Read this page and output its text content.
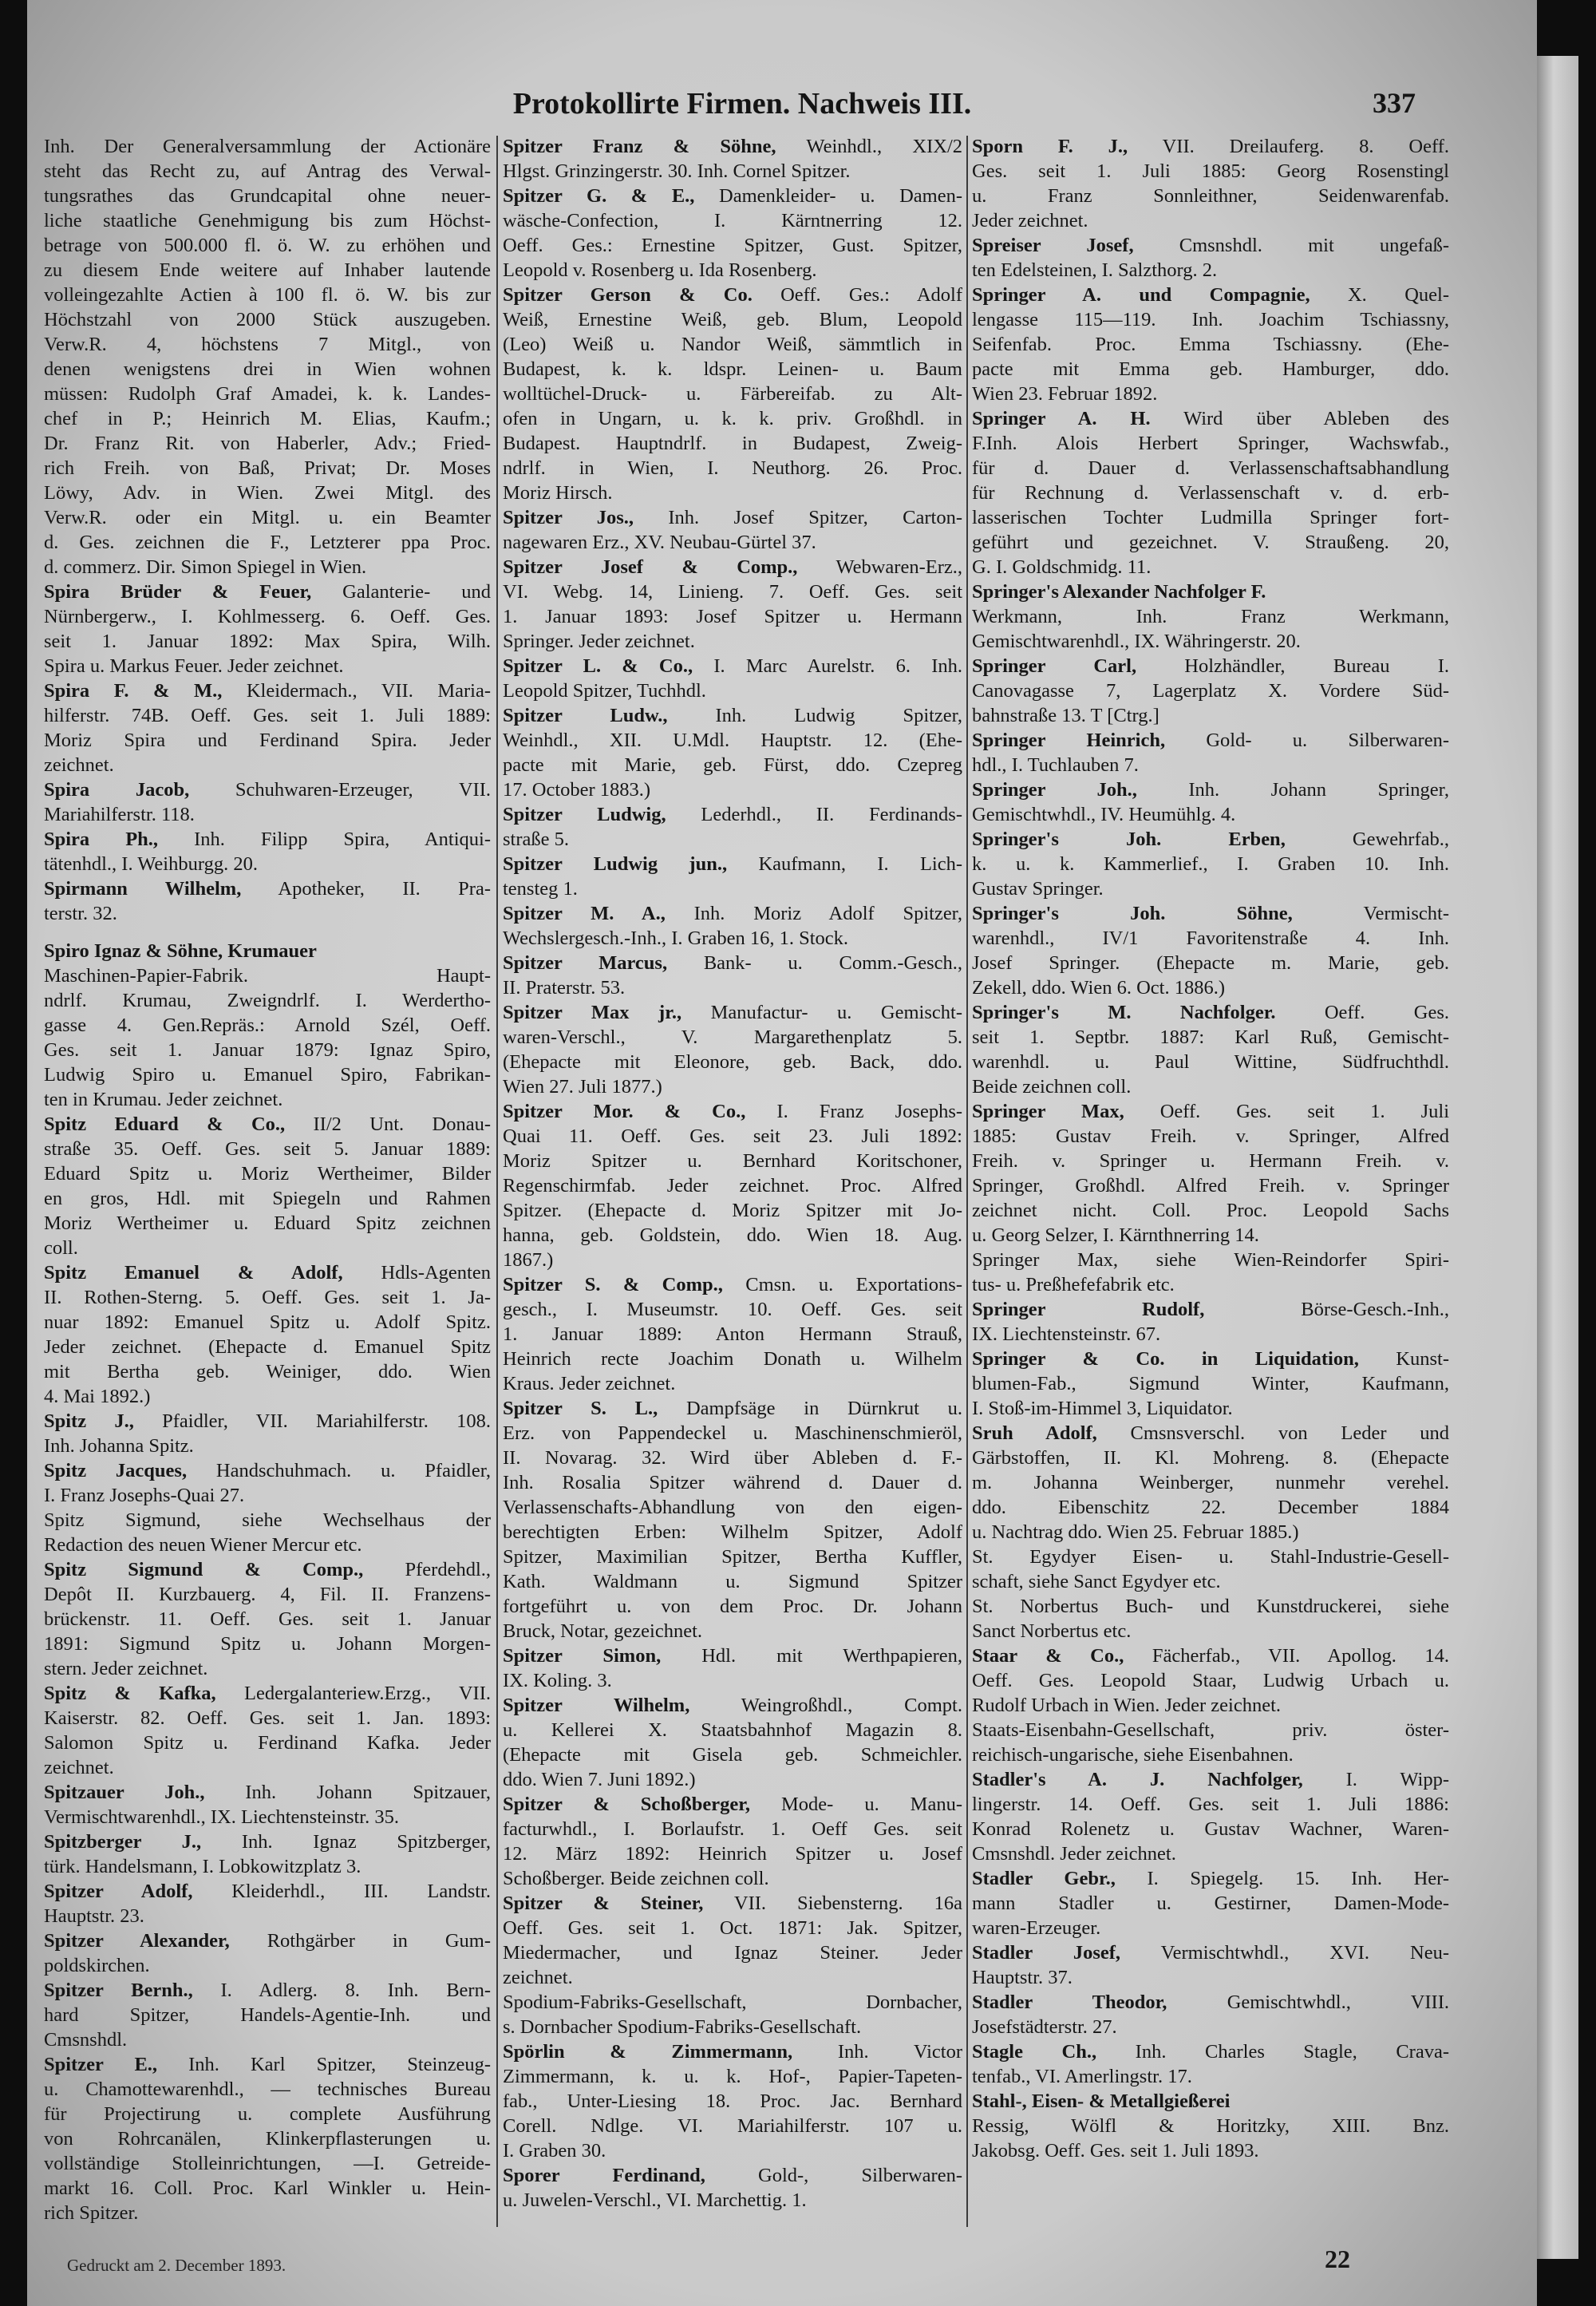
Protokollirte Firmen. Nachweis III.	337
Inh. Der Generalversammlung der Actionäre
steht das Recht zu, auf Antrag des Verwal-
tungsrathes das Grundcapital ohne neuer-
liche staatliche Genehmigung bis zum Höchst-
betrage von 500.000 fl. ö. W. zu erhöhen und
zu diesem Ende weitere auf Inhaber lautende
volleingezahlte Actien à 100 fl. ö. W. bis zur
Höchstzahl von 2000 Stück auszugeben.
Verw.R. 4, höchstens 7 Mitgl., von
denen wenigstens drei in Wien wohnen
müssen: Rudolph Graf Amadei, k. k. Landes-
chef in P.; Heinrich M. Elias, Kaufm.;
Dr. Franz Rit. von Haberler, Adv.; Fried-
rich Freih. von Baß, Privat; Dr. Moses
Löwy, Adv. in Wien. Zwei Mitgl. des
Verw.R. oder ein Mitgl. u. ein Beamter
d. Ges. zeichnen die F., Letzterer ppa Proc.
d. commerz. Dir. Simon Spiegel in Wien.
Spira Brüder & Feuer, Galanterie- und
Nürnbergerw., I. Kohlmesserg. 6. Oeff. Ges.
seit 1. Januar 1892: Max Spira, Wilh.
Spira u. Markus Feuer. Jeder zeichnet.
Spira F. & M., Kleidermach., VII. Maria-
hilferstr. 74B. Oeff. Ges. seit 1. Juli 1889:
Moriz Spira und Ferdinand Spira. Jeder
zeichnet.
Spira Jacob, Schuhwaren-Erzeuger, VII.
Mariahilferstr. 118.
Spira Ph., Inh. Filipp Spira, Antiqui-
tätenhdl., I. Weihburgg. 20.
Spirmann Wilhelm, Apotheker, II. Pra-
terstr. 32.
Spiro Ignaz & Söhne, Krumauer
Maschinen-Papier-Fabrik. Haupt-
ndrlf. Krumau, Zweigndrlf. I. Werdertho-
gasse 4. Gen.Repräs.: Arnold Szél, Oeff.
Ges. seit 1. Januar 1879: Ignaz Spiro,
Ludwig Spiro u. Emanuel Spiro, Fabrikan-
ten in Krumau. Jeder zeichnet.
Spitz Eduard & Co., II/2 Unt. Donau-
straße 35. Oeff. Ges. seit 5. Januar 1889:
Eduard Spitz u. Moriz Wertheimer, Bilder
en gros, Hdl. mit Spiegeln und Rahmen
Moriz Wertheimer u. Eduard Spitz zeichnen
coll.
Spitz Emanuel & Adolf, Hdls-Agenten
II. Rothen-Sterng. 5. Oeff. Ges. seit 1. Ja-
nuar 1892: Emanuel Spitz u. Adolf Spitz.
Jeder zeichnet. (Ehepacte d. Emanuel Spitz
mit Bertha geb. Weiniger, ddo. Wien
4. Mai 1892.)
Spitz J., Pfaidler, VII. Mariahilferstr. 108.
Inh. Johanna Spitz.
Spitz Jacques, Handschuhmach. u. Pfaidler,
I. Franz Josephs-Quai 27.
Spitz Sigmund, siehe Wechselhaus der
Redaction des neuen Wiener Mercur etc.
Spitz Sigmund & Comp., Pferdehdl.,
Depôt II. Kurzbauerg. 4, Fil. II. Franzens-
brückenstr. 11. Oeff. Ges. seit 1. Januar
1891: Sigmund Spitz u. Johann Morgen-
stern. Jeder zeichnet.
Spitz & Kafka, Ledergalanteriew.Erzg., VII.
Kaiserstr. 82. Oeff. Ges. seit 1. Jan. 1893:
Salomon Spitz u. Ferdinand Kafka. Jeder
zeichnet.
Spitzauer Joh., Inh. Johann Spitzauer,
Vermischtwarenhdl., IX. Liechtensteinstr. 35.
Spitzberger J., Inh. Ignaz Spitzberger,
türk. Handelsmann, I. Lobkowitzplatz 3.
Spitzer Adolf, Kleiderhdl., III. Landstr.
Hauptstr. 23.
Spitzer Alexander, Rothgärber in Gum-
poldskirchen.
Spitzer Bernh., I. Adlerg. 8. Inh. Bern-
hard Spitzer, Handels-Agentie-Inh. und
Cmsnshdl.
Spitzer E., Inh. Karl Spitzer, Steinzeug-
u. Chamottewarenhdl., — technisches Bureau
für Projectirung u. complete Ausführung
von Rohrcanälen, Klinkerpflasterungen u.
vollständige Stolleinrichtungen, —I. Getreide-
markt 16. Coll. Proc. Karl Winkler u. Hein-
rich Spitzer.
Spitzer Franz & Söhne, Weinhdl., XIX/2
Hlgst. Grinzingerstr. 30. Inh. Cornel Spitzer.
Spitzer G. & E., Damenkleider- u. Damen-
wäsche-Confection, I. Kärntnerring 12.
Oeff. Ges.: Ernestine Spitzer, Gust. Spitzer,
Leopold v. Rosenberg u. Ida Rosenberg.
Spitzer Gerson & Co. Oeff. Ges.: Adolf
Weiß, Ernestine Weiß, geb. Blum, Leopold
(Leo) Weiß u. Nandor Weiß, sämmtlich in
Budapest, k. k. ldspr. Leinen- u. Baum
wolltüchel-Druck- u. Färbereifab. zu Alt-
ofen in Ungarn, u. k. k. priv. Großhdl. in
Budapest. Hauptndrlf. in Budapest, Zweig-
ndrlf. in Wien, I. Neuthorg. 26. Proc.
Moriz Hirsch.
Spitzer Jos., Inh. Josef Spitzer, Carton-
nagewaren Erz., XV. Neubau-Gürtel 37.
Spitzer Josef & Comp., Webwaren-Erz.,
VI. Webg. 14, Linieng. 7. Oeff. Ges. seit
1. Januar 1893: Josef Spitzer u. Hermann
Springer. Jeder zeichnet.
Spitzer L. & Co., I. Marc Aurelstr. 6. Inh.
Leopold Spitzer, Tuchhdl.
Spitzer Ludw., Inh. Ludwig Spitzer,
Weinhdl., XII. U.Mdl. Hauptstr. 12. (Ehe-
pacte mit Marie, geb. Fürst, ddo. Czepreg
17. October 1883.)
Spitzer Ludwig, Lederhdl., II. Ferdinands-
straße 5.
Spitzer Ludwig jun., Kaufmann, I. Lich-
tensteg 1.
Spitzer M. A., Inh. Moriz Adolf Spitzer,
Wechslergesch.-Inh., I. Graben 16, 1. Stock.
Spitzer Marcus, Bank- u. Comm.-Gesch.,
II. Praterstr. 53.
Spitzer Max jr., Manufactur- u. Gemischt-
waren-Verschl., V. Margarethenplatz 5.
(Ehepacte mit Eleonore, geb. Back, ddo.
Wien 27. Juli 1877.)
Spitzer Mor. & Co., I. Franz Josephs-
Quai 11. Oeff. Ges. seit 23. Juli 1892:
Moriz Spitzer u. Bernhard Koritschoner,
Regenschirmfab. Jeder zeichnet. Proc. Alfred
Spitzer. (Ehepacte d. Moriz Spitzer mit Jo-
hanna, geb. Goldstein, ddo. Wien 18. Aug.
1867.)
Spitzer S. & Comp., Cmsn. u. Exportations-
gesch., I. Museumstr. 10. Oeff. Ges. seit
1. Januar 1889: Anton Hermann Strauß,
Heinrich recte Joachim Donath u. Wilhelm
Kraus. Jeder zeichnet.
Spitzer S. L., Dampfsäge in Dürnkrut u.
Erz. von Pappendeckel u. Maschinenschmieröl,
II. Novarag. 32. Wird über Ableben d. F.-
Inh. Rosalia Spitzer während d. Dauer d.
Verlassenschafts-Abhandlung von den eigen-
berechtigten Erben: Wilhelm Spitzer, Adolf
Spitzer, Maximilian Spitzer, Bertha Kuffler,
Kath. Waldmann u. Sigmund Spitzer
fortgeführt u. von dem Proc. Dr. Johann
Bruck, Notar, gezeichnet.
Spitzer Simon, Hdl. mit Werthpapieren,
IX. Koling. 3.
Spitzer Wilhelm, Weingroßhdl., Compt.
u. Kellerei X. Staatsbahnhof Magazin 8.
(Ehepacte mit Gisela geb. Schmeichler.
ddo. Wien 7. Juni 1892.)
Spitzer & Schoßberger, Mode- u. Manu-
facturwhdl., I. Borlaufstr. 1. Oeff Ges. seit
12. März 1892: Heinrich Spitzer u. Josef
Schoßberger. Beide zeichnen coll.
Spitzer & Steiner, VII. Siebensterng. 16a
Oeff. Ges. seit 1. Oct. 1871: Jak. Spitzer,
Miedermacher, und Ignaz Steiner. Jeder
zeichnet.
Spodium-Fabriks-Gesellschaft, Dornbacher,
s. Dornbacher Spodium-Fabriks-Gesellschaft.
Spörlin & Zimmermann, Inh. Victor
Zimmermann, k. u. k. Hof-, Papier-Tapeten-
fab., Unter-Liesing 18. Proc. Jac. Bernhard
Corell. Ndlge. VI. Mariahilferstr. 107 u.
I. Graben 30.
Sporer Ferdinand, Gold-, Silberwaren-
u. Juwelen-Verschl., VI. Marchettig. 1.
Sporn F. J., VII. Dreilauferg. 8. Oeff.
Ges. seit 1. Juli 1885: Georg Rosenstingl
u. Franz Sonnleithner, Seidenwarenfab.
Jeder zeichnet.
Spreiser Josef, Cmsnshdl. mit ungefaß-
ten Edelsteinen, I. Salzthorg. 2.
Springer A. und Compagnie, X. Quel-
lengasse 115—119. Inh. Joachim Tschiassny,
Seifenfab. Proc. Emma Tschiassny. (Ehe-
pacte mit Emma geb. Hamburger, ddo.
Wien 23. Februar 1892.
Springer A. H. Wird über Ableben des
F.Inh. Alois Herbert Springer, Wachswfab.,
für d. Dauer d. Verlassenschaftsabhandlung
für Rechnung d. Verlassenschaft v. d. erb-
lasserischen Tochter Ludmilla Springer fort-
geführt und gezeichnet. V. Straußeng. 20,
G. I. Goldschmidg. 11.
Springer's Alexander Nachfolger F.
Werkmann, Inh. Franz Werkmann,
Gemischtwarenhdl., IX. Währingerstr. 20.
Springer Carl, Holzhändler, Bureau I.
Canovagasse 7, Lagerplatz X. Vordere Süd-
bahnstraße 13. T [Ctrg.]
Springer Heinrich, Gold- u. Silberwaren-
hdl., I. Tuchlauben 7.
Springer Joh., Inh. Johann Springer,
Gemischtwhdl., IV. Heumühlg. 4.
Springer's Joh. Erben, Gewehrfab.,
k. u. k. Kammerlief., I. Graben 10. Inh.
Gustav Springer.
Springer's Joh. Söhne, Vermischt-
warenhdl., IV/1 Favoritenstraße 4. Inh.
Josef Springer. (Ehepacte m. Marie, geb.
Zekell, ddo. Wien 6. Oct. 1886.)
Springer's M. Nachfolger. Oeff. Ges.
seit 1. Septbr. 1887: Karl Ruß, Gemischt-
warenhdl. u. Paul Wittine, Südfruchthdl.
Beide zeichnen coll.
Springer Max, Oeff. Ges. seit 1. Juli
1885: Gustav Freih. v. Springer, Alfred
Freih. v. Springer u. Hermann Freih. v.
Springer, Großhdl. Alfred Freih. v. Springer
zeichnet nicht. Coll. Proc. Leopold Sachs
u. Georg Selzer, I. Kärnthnerring 14.
Springer Max, siehe Wien-Reindorfer Spiri-
tus- u. Preßhefefabrik etc.
Springer Rudolf, Börse-Gesch.-Inh.,
IX. Liechtensteinstr. 67.
Springer & Co. in Liquidation, Kunst-
blumen-Fab., Sigmund Winter, Kaufmann,
I. Stoß-im-Himmel 3, Liquidator.
Sruh Adolf, Cmsnsverschl. von Leder und
Gärbstoffen, II. Kl. Mohreng. 8. (Ehepacte
m. Johanna Weinberger, nunmehr verehel.
ddo. Eibenschitz 22. December 1884
u. Nachtrag ddo. Wien 25. Februar 1885.)
St. Egydyer Eisen- u. Stahl-Industrie-Gesell-
schaft, siehe Sanct Egydyer etc.
St. Norbertus Buch- und Kunstdruckerei, siehe
Sanct Norbertus etc.
Staar & Co., Fächerfab., VII. Apollog. 14.
Oeff. Ges. Leopold Staar, Ludwig Urbach u.
Rudolf Urbach in Wien. Jeder zeichnet.
Staats-Eisenbahn-Gesellschaft, priv. öster-
reichisch-ungarische, siehe Eisenbahnen.
Stadler's A. J. Nachfolger, I. Wipp-
lingerstr. 14. Oeff. Ges. seit 1. Juli 1886:
Konrad Rolenetz u. Gustav Wachner, Waren-
Cmsnshdl. Jeder zeichnet.
Stadler Gebr., I. Spiegelg. 15. Inh. Her-
mann Stadler u. Gestirner, Damen-Mode-
waren-Erzeuger.
Stadler Josef, Vermischtwhdl., XVI. Neu-
Hauptstr. 37.
Stadler Theodor, Gemischtwhdl., VIII.
Josefstädterstr. 27.
Stagle Ch., Inh. Charles Stagle, Crava-
tenfab., VI. Amerlingstr. 17.
Stahl-, Eisen- & Metallgießerei
Ressig, Wölfl & Horitzky, XIII. Bnz.
Jakobsg. Oeff. Ges. seit 1. Juli 1893.
Gedruckt am 2. December 1893.	22
